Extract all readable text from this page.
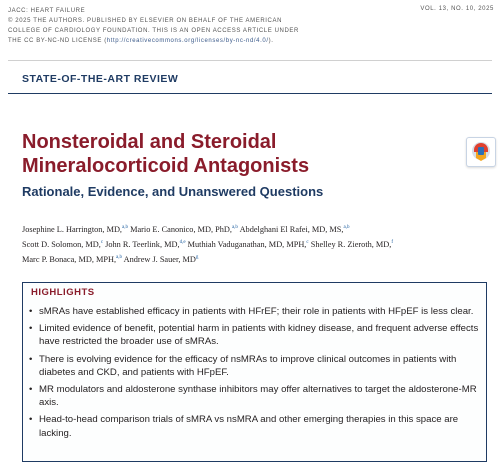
JACC: HEART FAILURE
© 2025 THE AUTHORS. PUBLISHED BY ELSEVIER ON BEHALF OF THE AMERICAN
COLLEGE OF CARDIOLOGY FOUNDATION. THIS IS AN OPEN ACCESS ARTICLE UNDER
THE CC BY-NC-ND LICENSE (http://creativecommons.org/licenses/by-nc-nd/4.0/).
VOL. 13, NO. 10, 2025
STATE-OF-THE-ART REVIEW
Nonsteroidal and Steroidal
Mineralocorticoid Antagonists
Rationale, Evidence, and Unanswered Questions
Josephine L. Harrington, MD,$^{a,b}$ Mario E. Canonico, MD, PhD,$^{a,b}$ Abdelghani El Rafei, MD, MS,$^{a,b}$
Scott D. Solomon, MD,$^c$ John R. Teerlink, MD,$^{d,e}$ Muthiah Vaduganathan, MD, MPH,$^c$ Shelley R. Zieroth, MD,$^f$
Marc P. Bonaca, MD, MPH,$^{a,b}$ Andrew J. Sauer, $MD^g$
HIGHLIGHTS
• sMRAs have established efficacy in patients with HFrEF; their role in patients with HFpEF is less clear.
• Limited evidence of benefit, potential harm in patients with kidney disease, and frequent adverse effects have restricted the broader use of sMRAs.
• There is evolving evidence for the efficacy of nsMRAs to improve clinical outcomes in patients with diabetes and CKD, and patients with HFpEF.
• MR modulators and aldosterone synthase inhibitors may offer alternatives to target the aldosterone-MR axis.
• Head-to-head comparison trials of sMRA vs nsMRA and other emerging therapies in this space are lacking.
